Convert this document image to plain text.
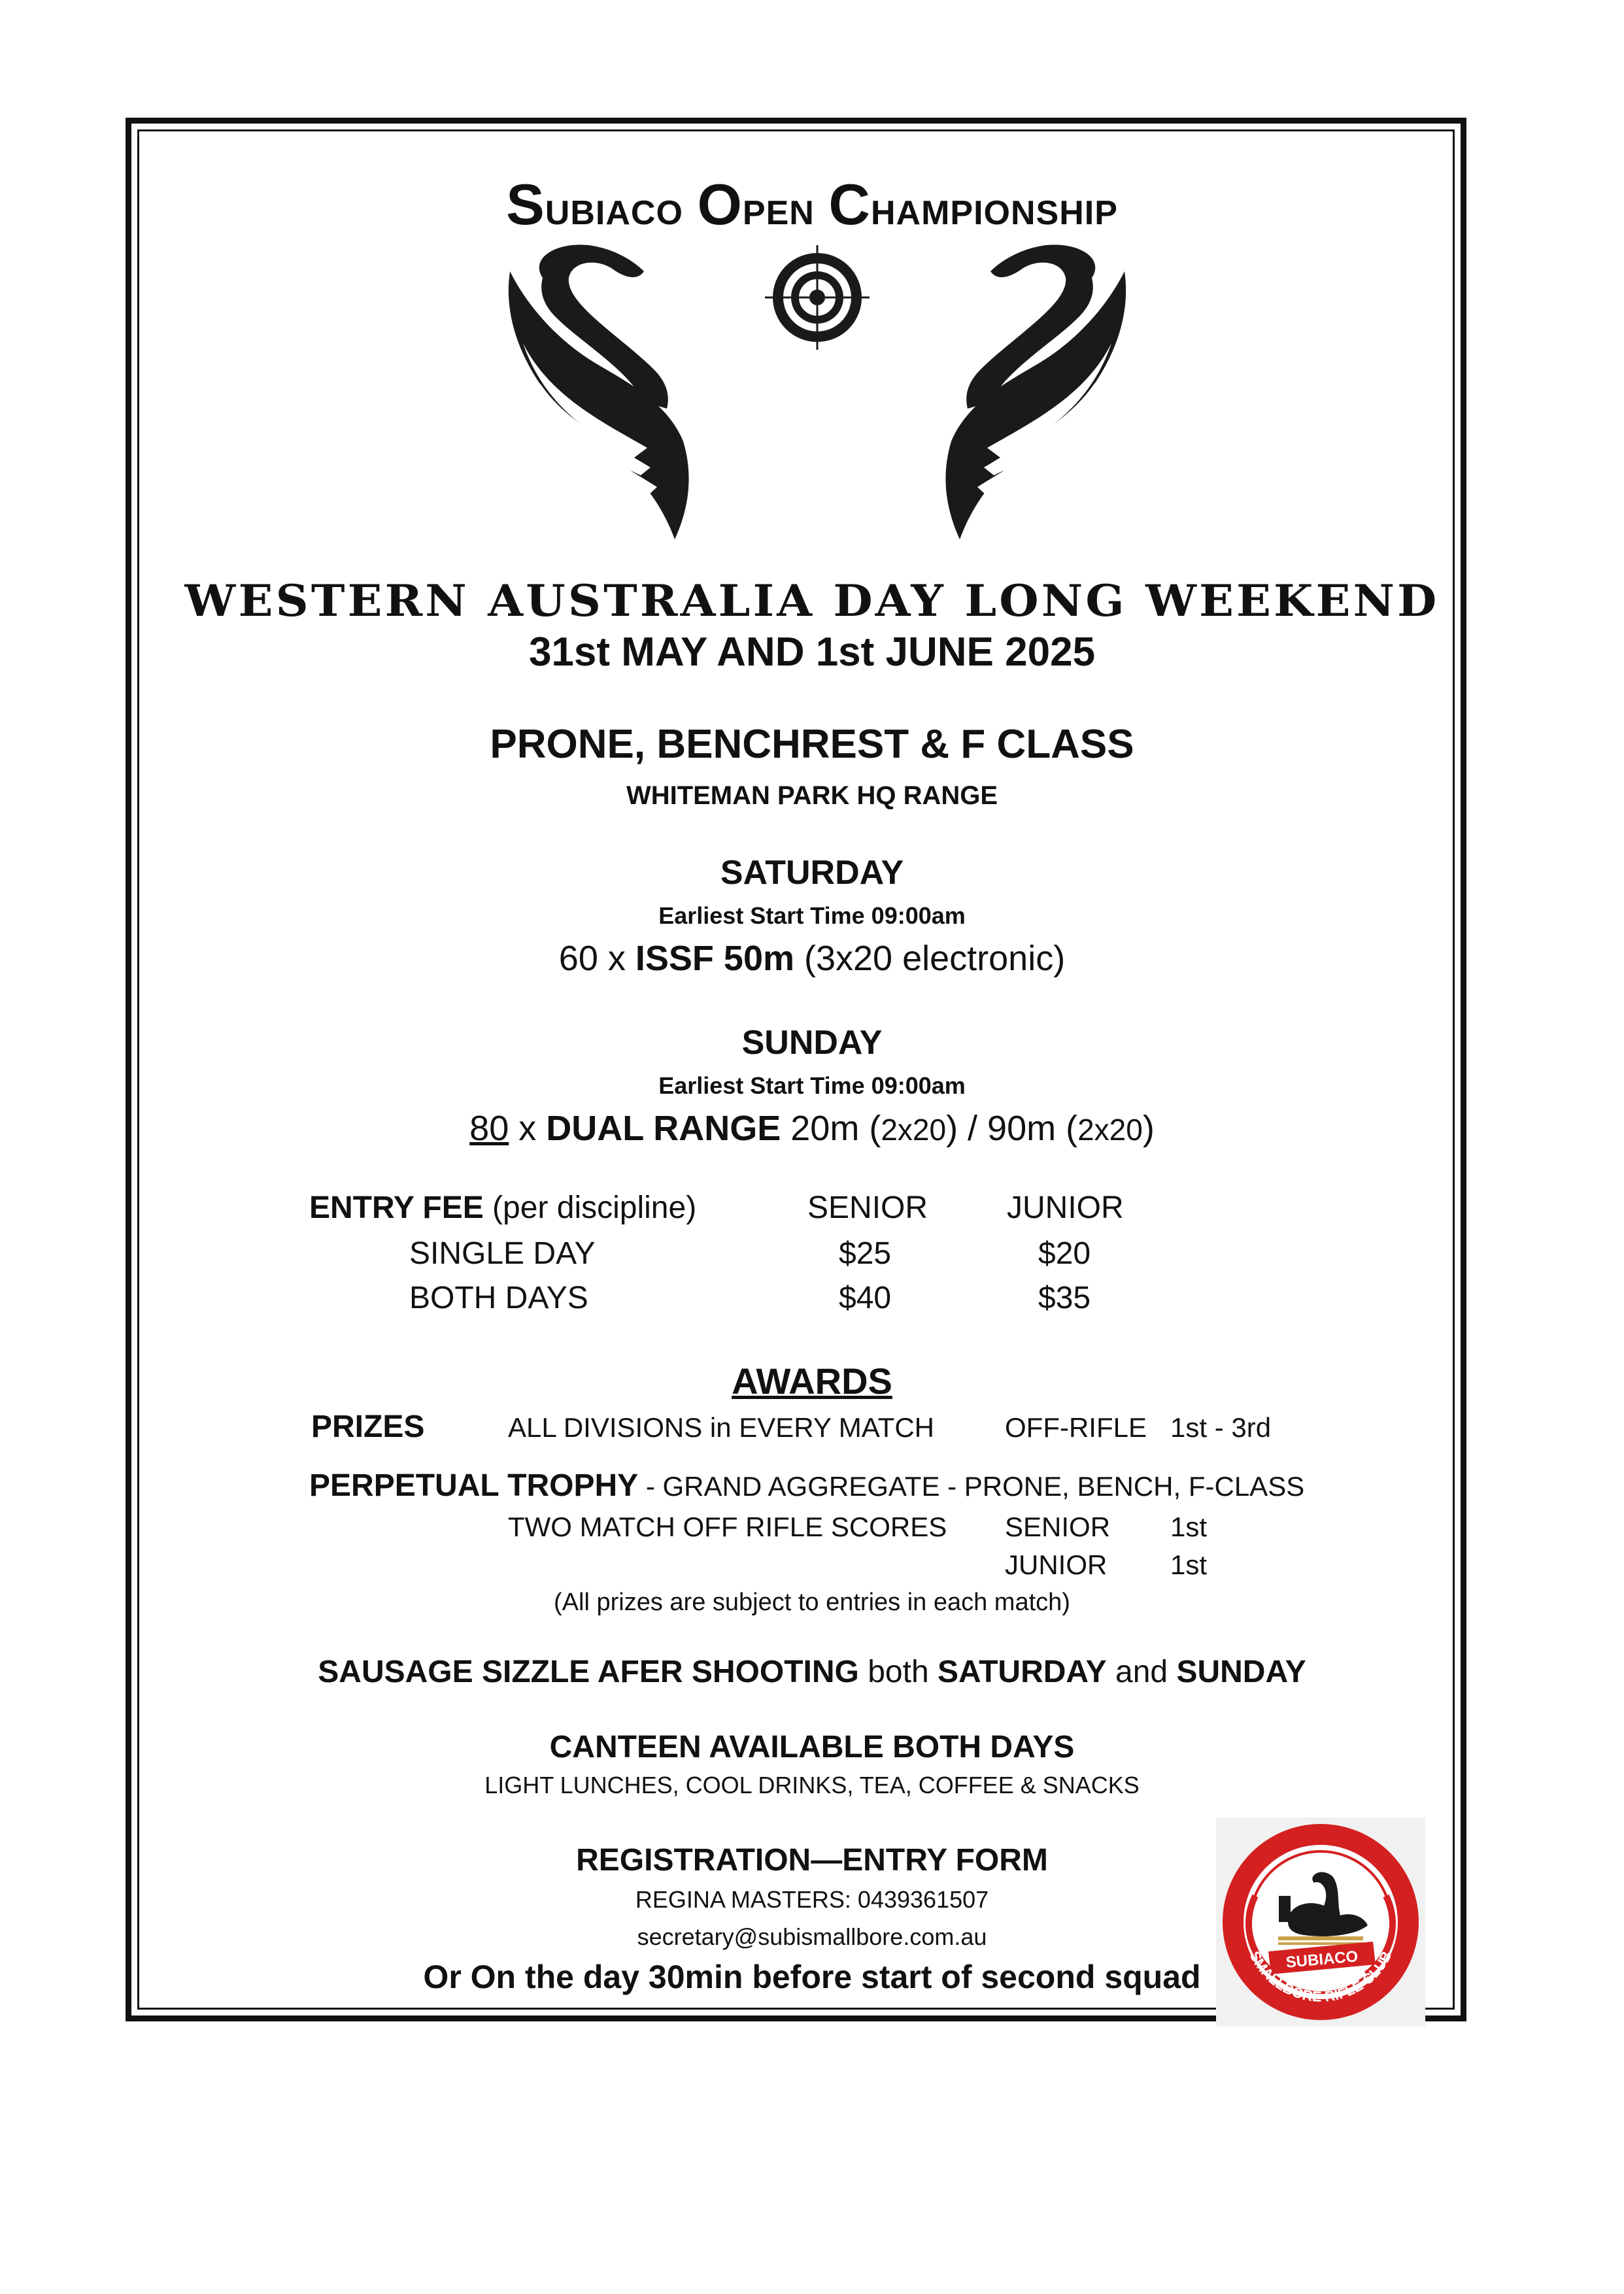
Subiaco Open Championship
WESTERN AUSTRALIA DAY LONG WEEKEND
31st MAY AND 1st JUNE 2025
PRONE, BENCHREST & F CLASS
WHITEMAN PARK HQ RANGE
SATURDAY
Earliest Start Time 09:00am
60 x ISSF 50m (3x20 electronic)
SUNDAY
Earliest Start Time 09:00am
80 x DUAL RANGE 20m (2x20) / 90m (2x20)
ENTRY FEE (per discipline)	SENIOR	JUNIOR
SINGLE DAY	$25	$20
BOTH DAYS	$40	$35
AWARDS
PRIZES	ALL DIVISIONS in EVERY MATCH	OFF-RIFLE 1st - 3rd
PERPETUAL TROPHY - GRAND AGGREGATE - PRONE, BENCH, F-CLASS
TWO MATCH OFF RIFLE SCORES SENIOR 1st
JUNIOR 1st
(All prizes are subject to entries in each match)
SAUSAGE SIZZLE AFER SHOOTING both SATURDAY and SUNDAY
CANTEEN AVAILABLE BOTH DAYS
LIGHT LUNCHES, COOL DRINKS, TEA, COFFEE & SNACKS
REGISTRATION—ENTRY FORM
REGINA MASTERS: 0439361507
secretary@subismallbore.com.au
Or On the day 30min before start of second squad	SUBIACO
SMALLBORE RIFLE CLUB
